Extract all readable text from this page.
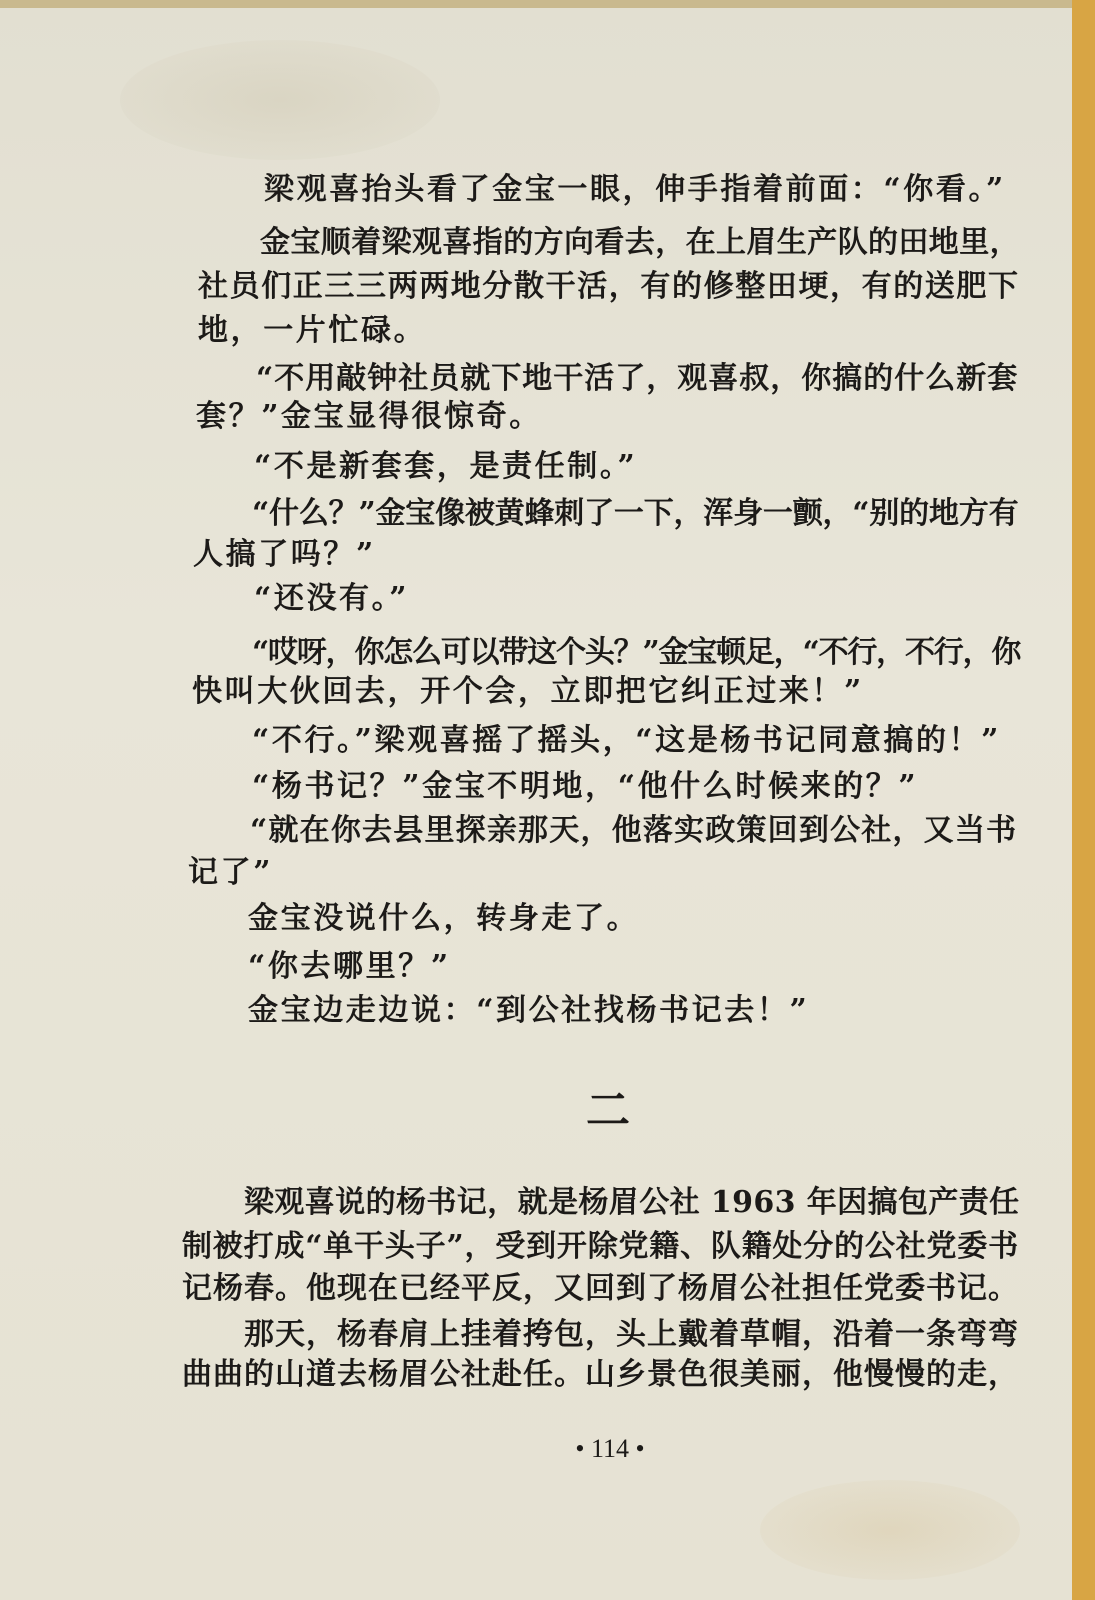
梁观喜抬头看了金宝一眼，伸手指着前面：“你看。”

金宝顺着梁观喜指的方向看去，在上眉生产队的田地里，

社员们正三三两两地分散干活，有的修整田埂，有的送肥下

地，一片忙碌。

“不用敲钟社员就下地干活了，观喜叔，你搞的什么新套

套？”金宝显得很惊奇。

“不是新套套，是责任制。”

“什么？”金宝像被黄蜂刺了一下，浑身一颤，“别的地方有

人搞了吗？”

“还没有。”

“哎呀，你怎么可以带这个头？”金宝顿足，“不行，不行，你

快叫大伙回去，开个会，立即把它纠正过来！”

“不行。”梁观喜摇了摇头，“这是杨书记同意搞的！”

“杨书记？”金宝不明地，“他什么时候来的？”

“就在你去县里探亲那天，他落实政策回到公社，又当书

记了”

金宝没说什么，转身走了。

“你去哪里？”

金宝边走边说：“到公社找杨书记去！”

二

梁观喜说的杨书记，就是杨眉公社 1963 年因搞包产责任

制被打成“单干头子”，受到开除党籍、队籍处分的公社党委书

记杨春。他现在已经平反，又回到了杨眉公社担任党委书记。

那天，杨春肩上挂着挎包，头上戴着草帽，沿着一条弯弯

曲曲的山道去杨眉公社赴任。山乡景色很美丽，他慢慢的走，

• 114 •
